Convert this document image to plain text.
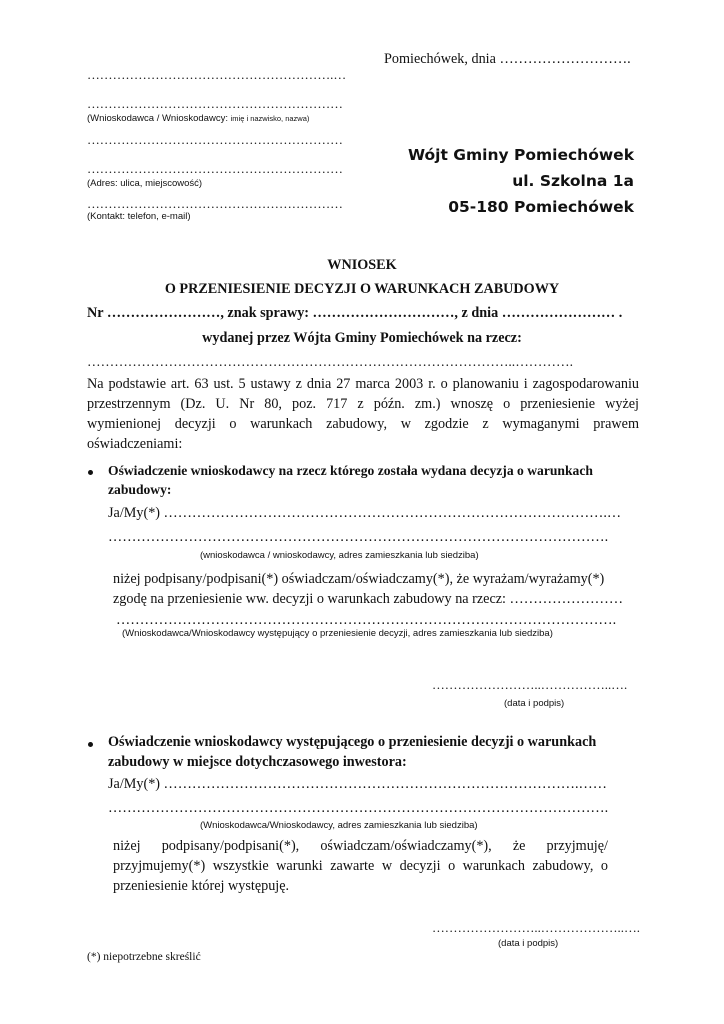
Pomiechówek, dnia ……………………….
………………………………………………….…
……………………………………………………
(Wnioskodawca / Wnioskodawcy: imię i nazwisko, nazwa)
……………………………………………………
……………………………………………………
(Adres: ulica, miejscowość)
……………………………………………………
(Kontakt: telefon, e-mail)
Wójt Gminy Pomiechówek
ul. Szkolna 1a
05-180 Pomiechówek
WNIOSEK
O PRZENIESIENIE DECYZJI O WARUNKACH ZABUDOWY
Nr ……………………, znak sprawy: …………………………, z dnia …………………… .
wydanej przez Wójta Gminy Pomiechówek na rzecz:
…………………………………………………………………………………..………….
Na podstawie art. 63 ust. 5 ustawy z dnia 27 marca 2003 r. o planowaniu i zagospodarowaniu
przestrzennym (Dz. U. Nr 80, poz. 717 z późn. zm.) wnoszę o przeniesienie wyżej
wymienionej decyzji o warunkach zabudowy, w zgodzie z wymaganymi prawem
oświadczeniami:
Oświadczenie wnioskodawcy na rzecz którego została wydana decyzja o warunkach
zabudowy:
Ja/My(*) ………………………………………………………………………………….…
…………………………………………………………………………………………….
(wnioskodawca / wnioskodawcy, adres zamieszkania lub siedziba)
niżej podpisany/podpisani(*) oświadczam/oświadczamy(*), że wyrażam/wyrażamy(*)
zgodę na przeniesienie ww. decyzji o warunkach zabudowy na rzecz: ……………………
…………………………………………………………………………………………….
(Wnioskodawca/Wnioskodawcy występujący o przeniesienie decyzji, adres zamieszkania lub siedziba)
……………………..……………..….
(data i podpis)
Oświadczenie wnioskodawcy występującego o przeniesienie decyzji o warunkach
zabudowy w miejsce dotychczasowego inwestora:
Ja/My(*) …………………………………………………………………………….……
…………………………………………………………………………………………….
(Wnioskodawca/Wnioskodawcy, adres zamieszkania lub siedziba)
niżej podpisany/podpisani(*), oświadczam/oświadczamy(*), że przyjmuję/
przyjmujemy(*) wszystkie warunki zawarte w decyzji o warunkach zabudowy, o
przeniesienie której występuję.
……………………..………………..….
(data i podpis)
(*) niepotrzebne skreślić
